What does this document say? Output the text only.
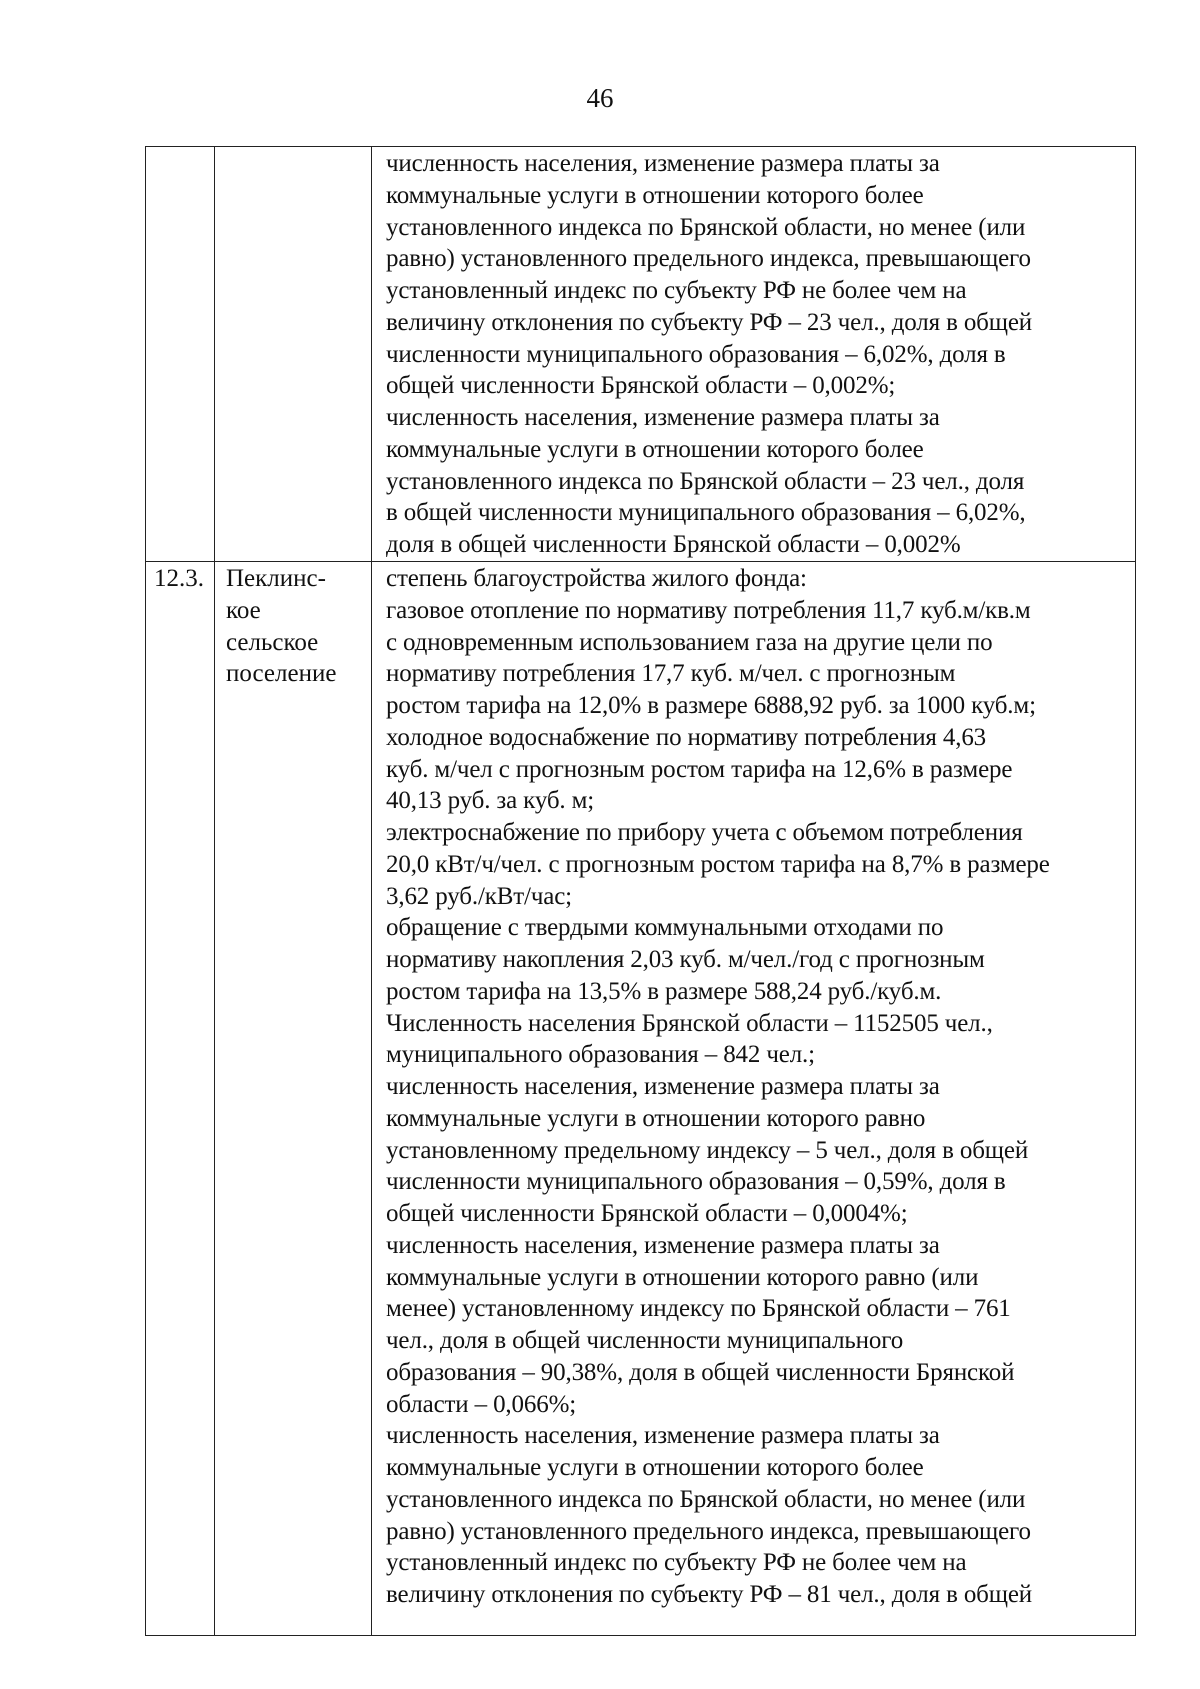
46
численность населения, изменение размера платы за
коммунальные услуги в отношении которого более
установленного индекса по Брянской области, но менее (или
равно) установленного предельного индекса, превышающего
установленный индекс по субъекту РФ не более чем на
величину отклонения по субъекту РФ – 23 чел., доля в общей
численности муниципального образования – 6,02%, доля в
общей численности Брянской области – 0,002%;
численность населения, изменение размера платы за
коммунальные услуги в отношении которого более
установленного индекса по Брянской области – 23 чел., доля
в общей численности муниципального образования – 6,02%,
доля в общей численности Брянской области – 0,002%
12.3. Пеклинс-
кое
сельское
поселение
степень благоустройства жилого фонда:
газовое отопление по нормативу потребления 11,7 куб.м/кв.м
с одновременным использованием газа на другие цели по
нормативу потребления 17,7 куб. м/чел. с прогнозным
ростом тарифа на 12,0% в размере 6888,92 руб. за 1000 куб.м;
холодное водоснабжение по нормативу потребления 4,63
куб. м/чел с прогнозным ростом тарифа на 12,6% в размере
40,13 руб. за куб. м;
электроснабжение по прибору учета с объемом потребления
20,0 кВт/ч/чел. с прогнозным ростом тарифа на 8,7% в размере
3,62 руб./кВт/час;
обращение с твердыми коммунальными отходами по
нормативу накопления 2,03 куб. м/чел./год с прогнозным
ростом тарифа на 13,5% в размере 588,24 руб./куб.м.
Численность населения Брянской области – 1152505 чел.,
муниципального образования – 842 чел.;
численность населения, изменение размера платы за
коммунальные услуги в отношении которого равно
установленному предельному индексу – 5 чел., доля в общей
численности муниципального образования – 0,59%, доля в
общей численности Брянской области – 0,0004%;
численность населения, изменение размера платы за
коммунальные услуги в отношении которого равно (или
менее) установленному индексу по Брянской области – 761
чел., доля в общей численности муниципального
образования – 90,38%, доля в общей численности Брянской
области – 0,066%;
численность населения, изменение размера платы за
коммунальные услуги в отношении которого более
установленного индекса по Брянской области, но менее (или
равно) установленного предельного индекса, превышающего
установленный индекс по субъекту РФ не более чем на
величину отклонения по субъекту РФ – 81 чел., доля в общей
